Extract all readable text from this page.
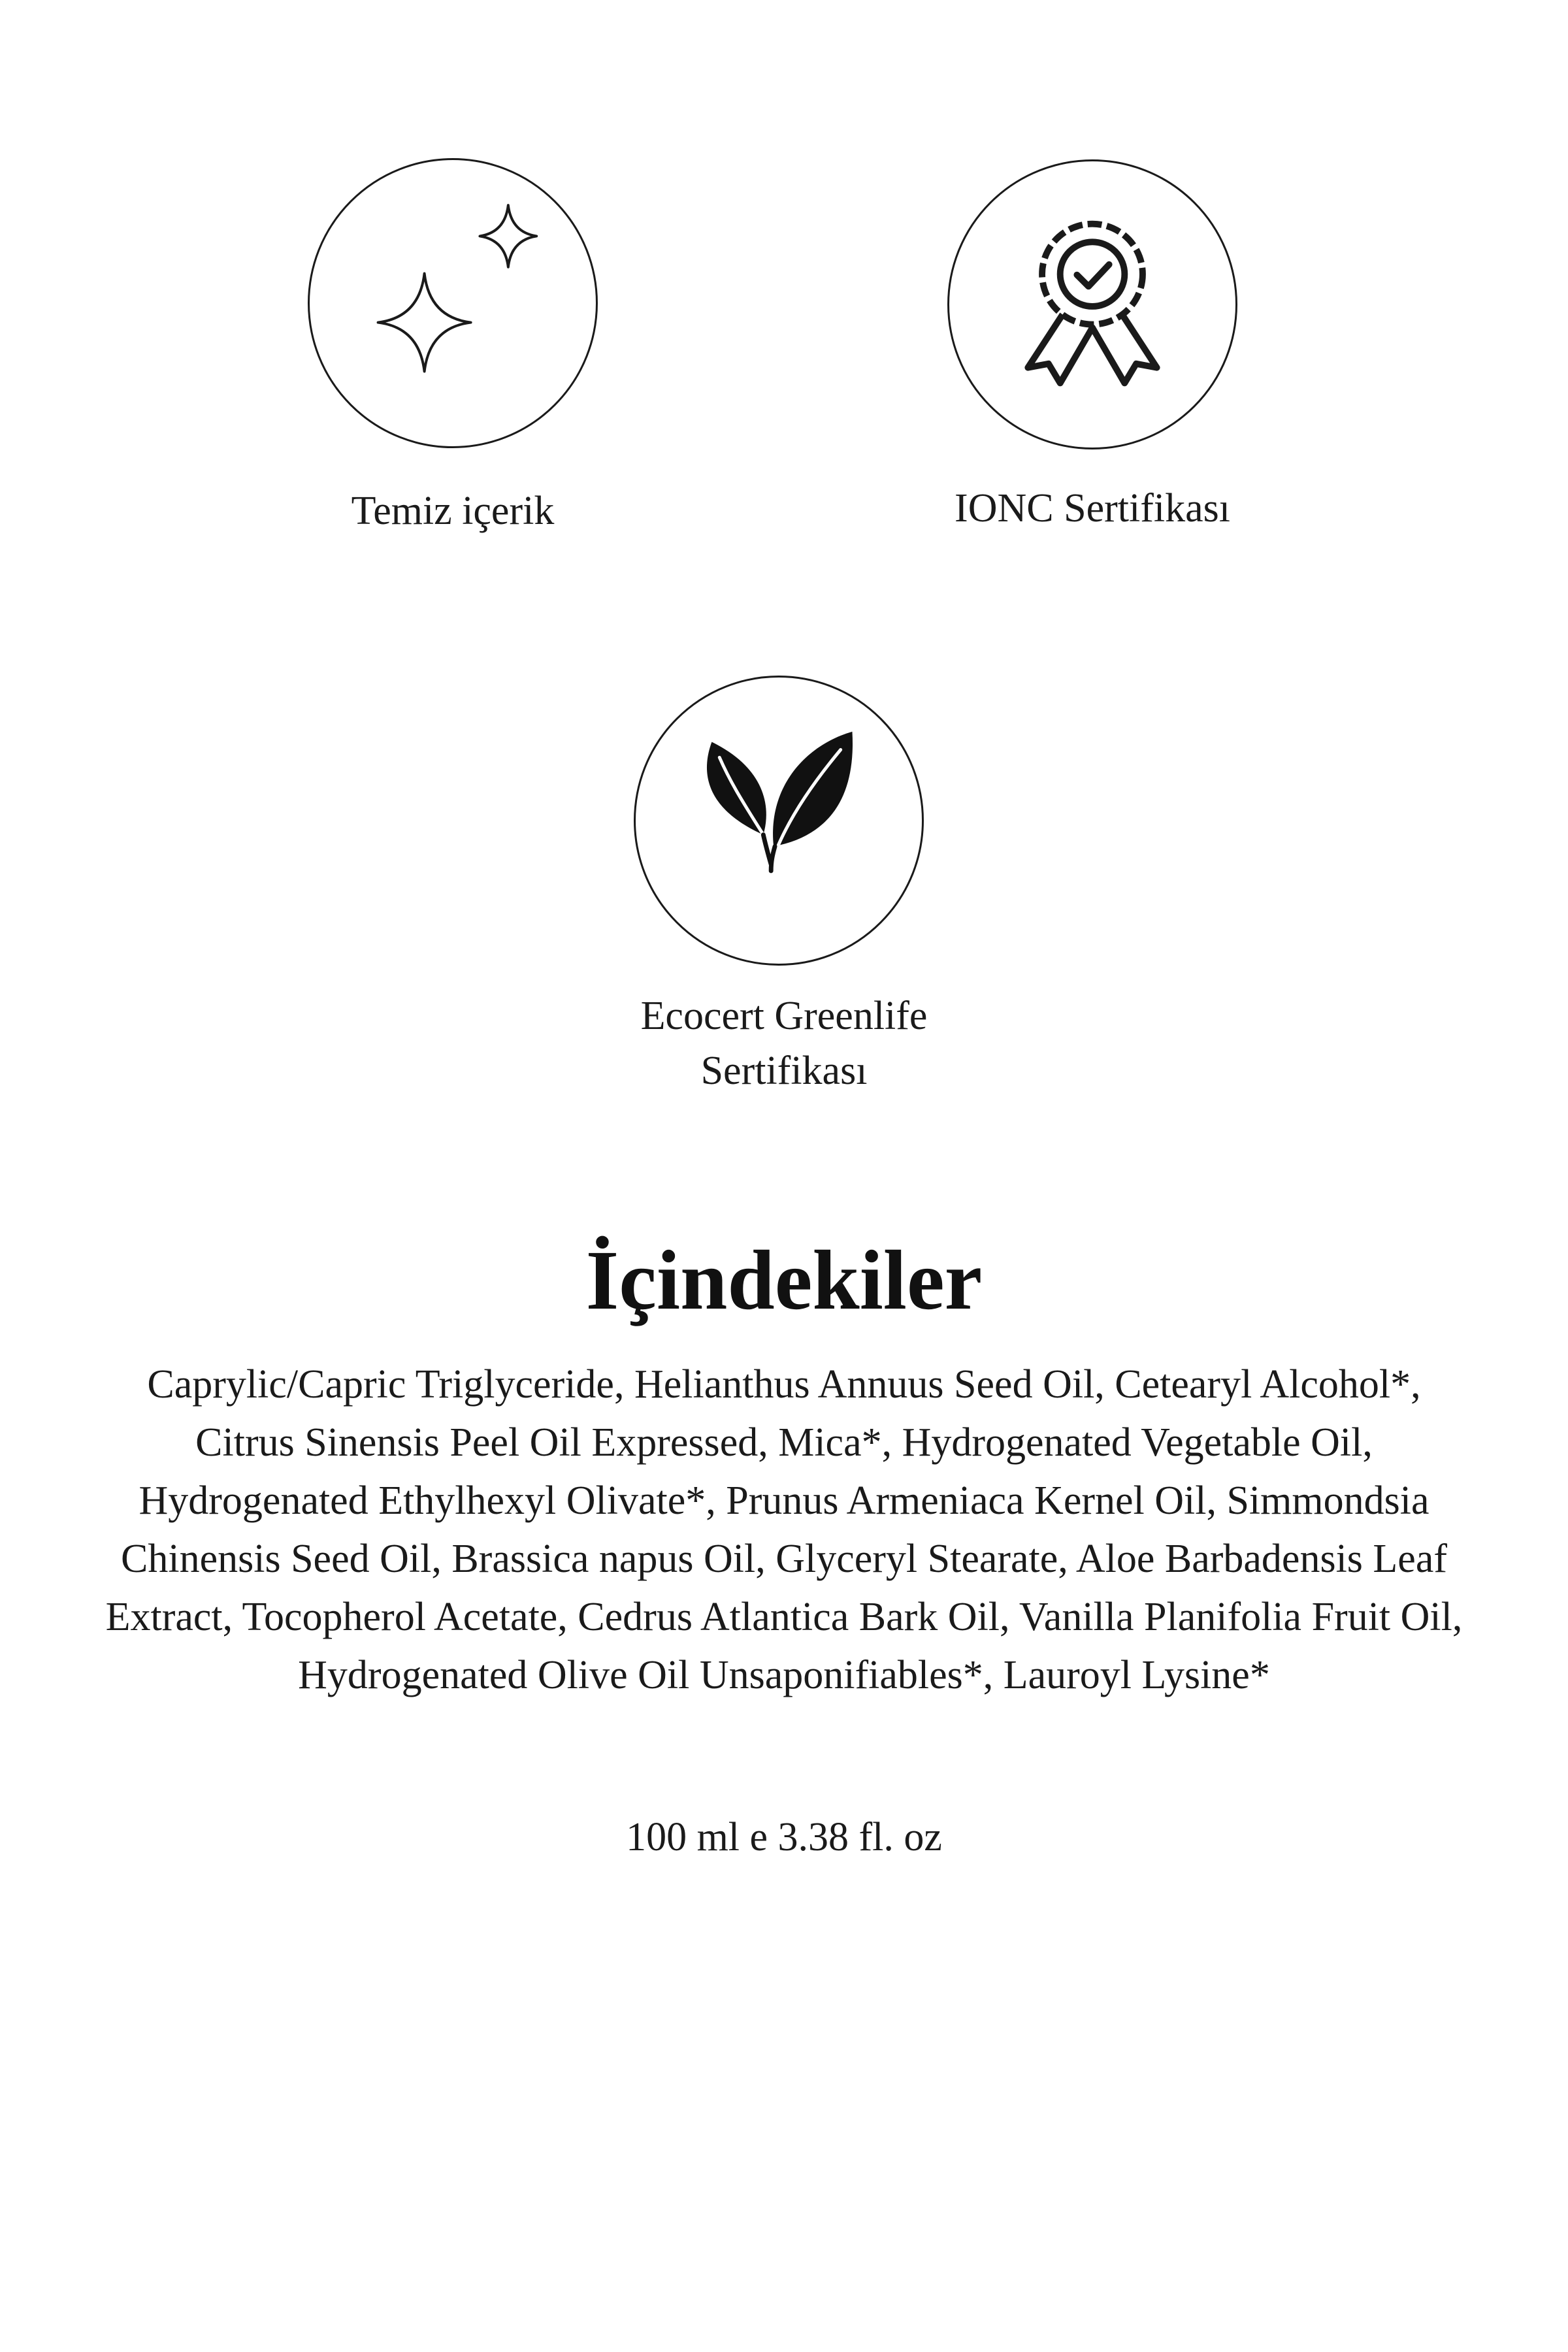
Temiz içerik	IONC Sertifikası
Ecocert Greenlife
Sertifikası
İçindekiler
Caprylic/Capric Triglyceride, Helianthus Annuus Seed Oil, Cetearyl Alcohol*, Citrus Sinensis Peel Oil Expressed, Mica*, Hydrogenated Vegetable Oil, Hydrogenated Ethylhexyl Olivate*, Prunus Armeniaca Kernel Oil, Simmondsia Chinensis Seed Oil, Brassica napus Oil, Glyceryl Stearate, Aloe Barbadensis Leaf Extract, Tocopherol Acetate, Cedrus Atlantica Bark Oil, Vanilla Planifolia Fruit Oil, Hydrogenated Olive Oil Unsaponifiables*, Lauroyl Lysine*
100 ml e 3.38 fl. oz
